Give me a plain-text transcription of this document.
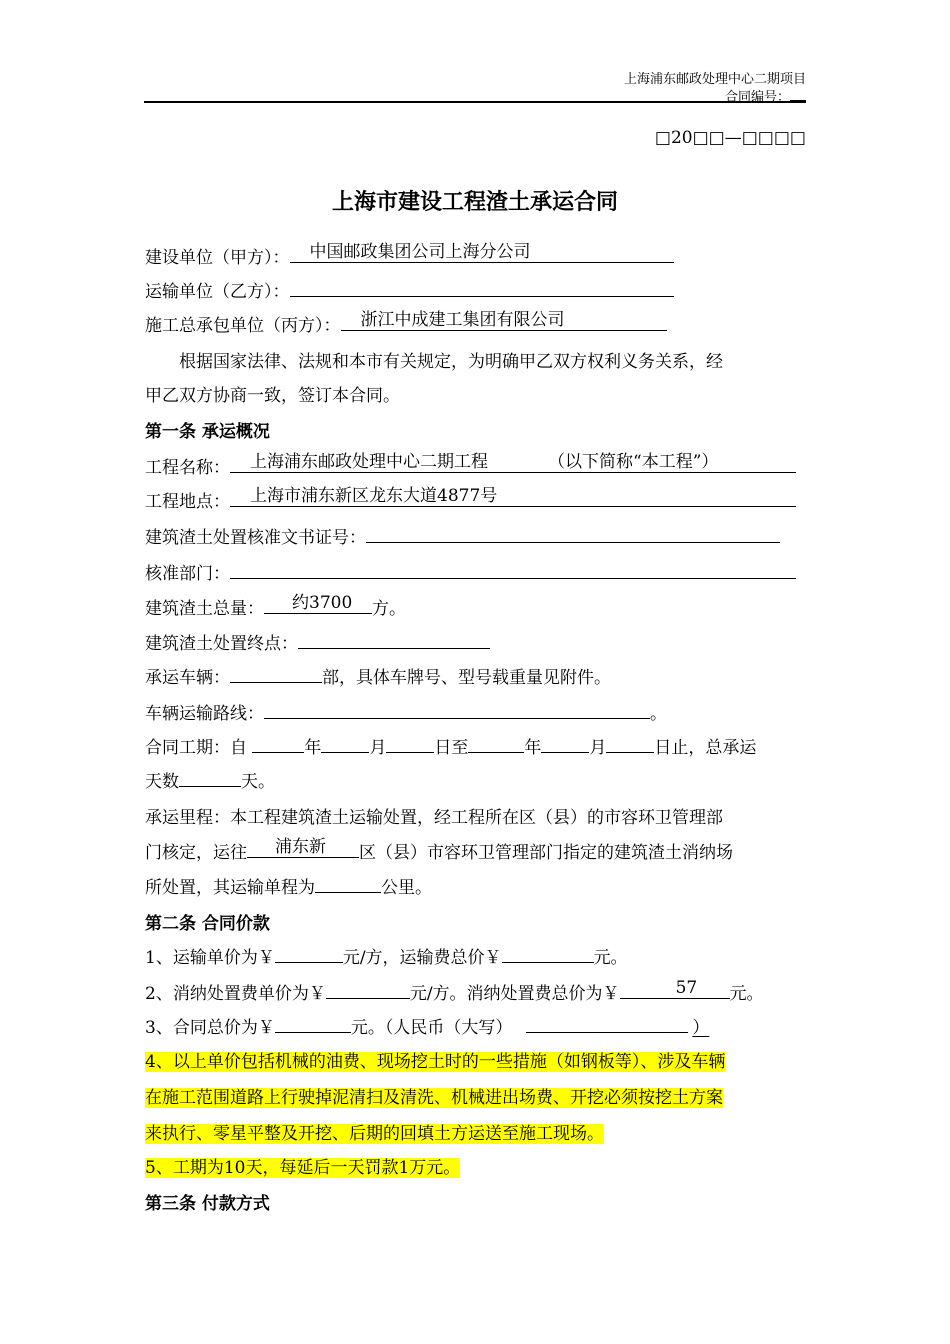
上海浦东邮政处理中心二期项目
合同编号：
□20□□—□□□□
上海市建设工程渣土承运合同
建设单位（甲方）： 中国邮政集团公司上海分公司
运输单位（乙方）：
施工总承包单位（丙方）： 浙江中成建工集团有限公司
根据国家法律、法规和本市有关规定，为明确甲乙双方权利义务关系，经
甲乙双方协商一致，签订本合同。
第一条 承运概况
工程名称： 上海浦东邮政处理中心二期工程	（以下简称“本工程”）
工程地点： 上海市浦东新区龙东大道4877号
建筑渣土处置核准文书证号：
核准部门：
建筑渣土总量： 约3700 方。
建筑渣土处置终点：
承运车辆：	部，具体车牌号、型号载重量见附件。
车辆运输路线：	。
合同工期：自	年	月	日至	年	月	日止，总承运
天数	天。
承运里程：本工程建筑渣土运输处置，经工程所在区（县）的市容环卫管理部
门核定，运往 浦东新 区（县）市容环卫管理部门指定的建筑渣土消纳场
所处置，其运输单程为	公里。
第二条 合同价款
1、运输单价为￥	元/方，运输费总价￥	元。
2、消纳处置费单价为￥	元/方。消纳处置费总价为￥	57 元。
3、合同总价为￥	元。（人民币（大写）	）
4、以上单价包括机械的油费、现场挖土时的一些措施（如钢板等）、涉及车辆
在施工范围道路上行驶掉泥清扫及清洗、机械进出场费、开挖必须按挖土方案
来执行、零星平整及开挖、后期的回填土方运送至施工现场。
5、工期为10天，每延后一天罚款1万元。
第三条 付款方式
